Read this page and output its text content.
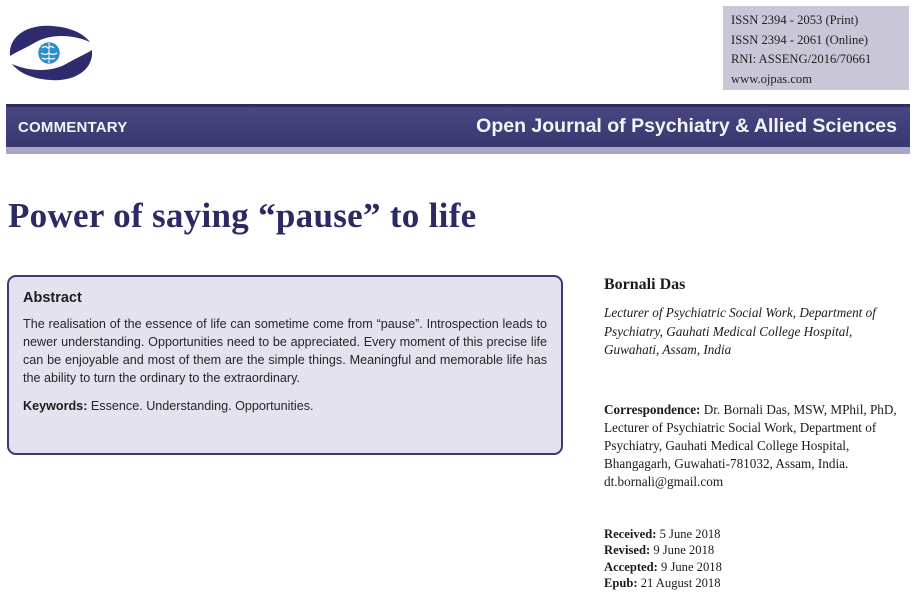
ISSN 2394 - 2053 (Print)
ISSN 2394 - 2061 (Online)
RNI: ASSENG/2016/70661
www.ojpas.com
COMMENTARY	Open Journal of Psychiatry & Allied Sciences
Power of saying “pause” to life
Abstract

The realisation of the essence of life can sometime come from “pause”. Introspection leads to newer understanding. Opportunities need to be appreciated. Every moment of this precise life can be enjoyable and most of them are the simple things. Meaningful and memorable life has the ability to turn the ordinary to the extraordinary.

Keywords: Essence. Understanding. Opportunities.
Bornali Das
Lecturer of Psychiatric Social Work, Department of Psychiatry, Gauhati Medical College Hospital, Guwahati, Assam, India
Correspondence: Dr. Bornali Das, MSW, MPhil, PhD, Lecturer of Psychiatric Social Work, Department of Psychiatry, Gauhati Medical College Hospital, Bhangagarh, Guwahati-781032, Assam, India.
dt.bornali@gmail.com
Received: 5 June 2018
Revised: 9 June 2018
Accepted: 9 June 2018
Epub: 21 August 2018
